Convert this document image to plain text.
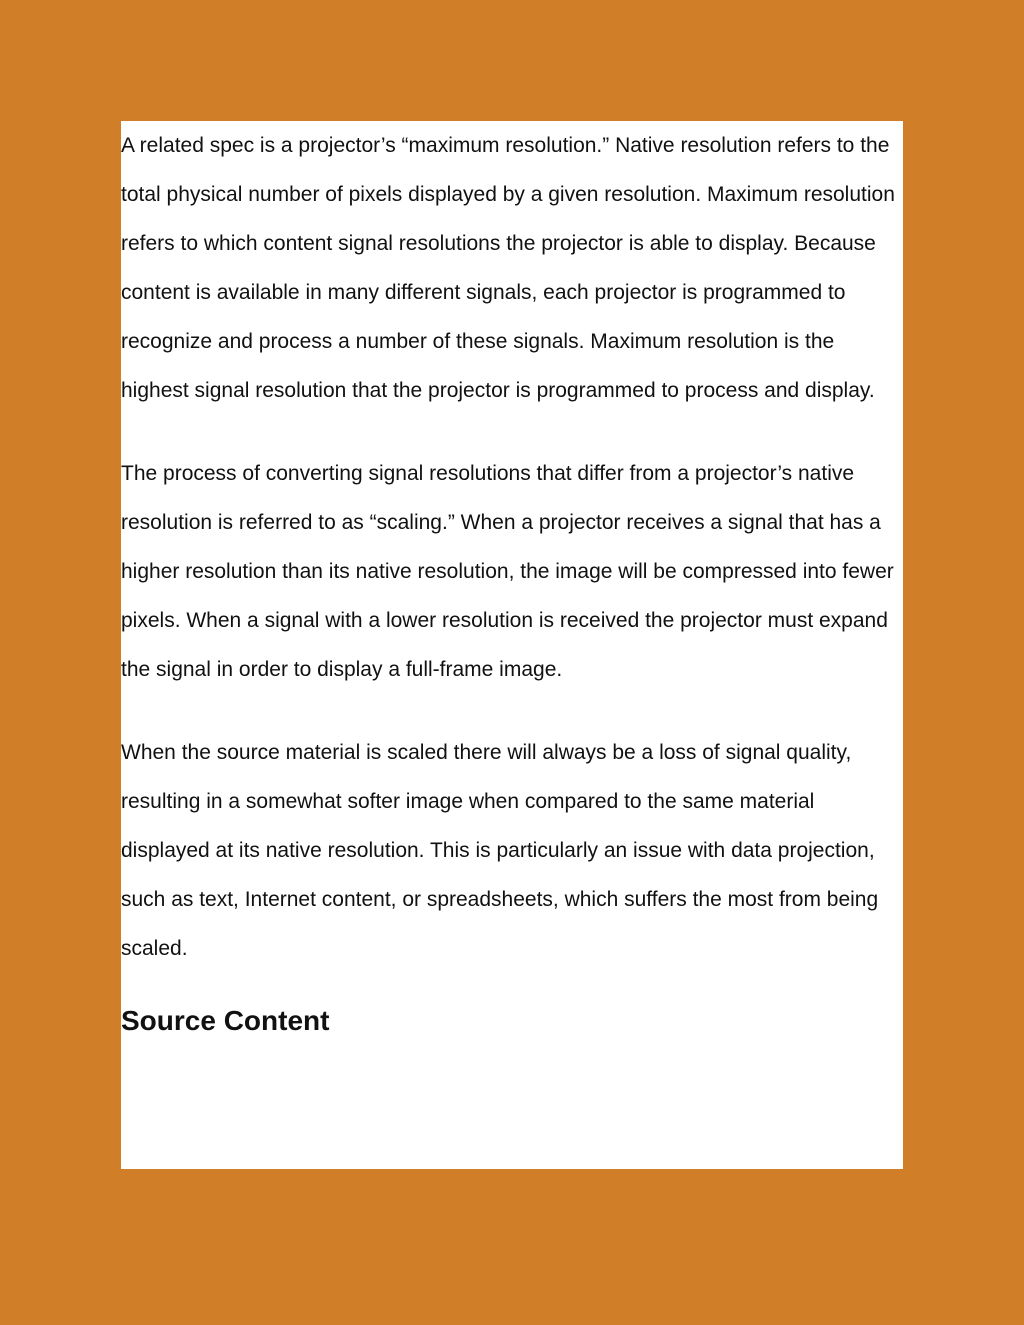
A related spec is a projector’s “maximum resolution.” Native resolution refers to the total physical number of pixels displayed by a given resolution. Maximum resolution refers to which content signal resolutions the projector is able to display. Because content is available in many different signals, each projector is programmed to recognize and process a number of these signals. Maximum resolution is the highest signal resolution that the projector is programmed to process and display.

The process of converting signal resolutions that differ from a projector’s native resolution is referred to as “scaling.” When a projector receives a signal that has a higher resolution than its native resolution, the image will be compressed into fewer pixels. When a signal with a lower resolution is received the projector must expand the signal in order to display a full-frame image.

When the source material is scaled there will always be a loss of signal quality, resulting in a somewhat softer image when compared to the same material displayed at its native resolution. This is particularly an issue with data projection, such as text, Internet content, or spreadsheets, which suffers the most from being scaled.

Source Content
